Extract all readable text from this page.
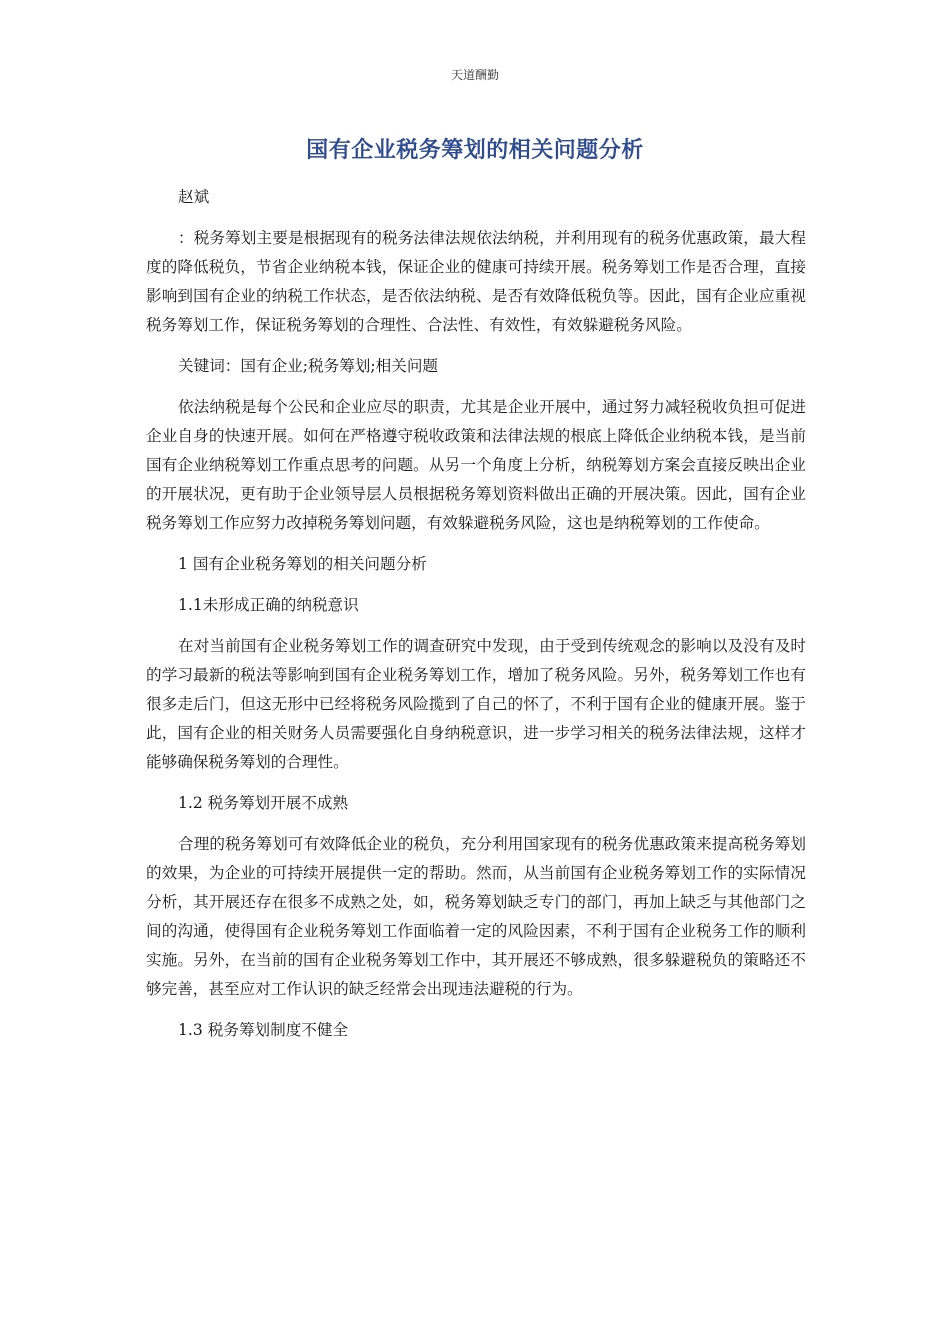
天道酬勤
国有企业税务筹划的相关问题分析

赵斌

：税务筹划主要是根据现有的税务法律法规依法纳税，并利用现有的税务优惠政策，最大程度的降低税负，节省企业纳税本钱，保证企业的健康可持续开展。税务筹划工作是否合理，直接影响到国有企业的纳税工作状态，是否依法纳税、是否有效降低税负等。因此，国有企业应重视税务筹划工作，保证税务筹划的合理性、合法性、有效性，有效躲避税务风险。

关键词：国有企业;税务筹划;相关问题

依法纳税是每个公民和企业应尽的职责，尤其是企业开展中，通过努力减轻税收负担可促进企业自身的快速开展。如何在严格遵守税收政策和法律法规的根底上降低企业纳税本钱，是当前国有企业纳税筹划工作重点思考的问题。从另一个角度上分析，纳税筹划方案会直接反映出企业的开展状况，更有助于企业领导层人员根据税务筹划资料做出正确的开展决策。因此，国有企业税务筹划工作应努力改掉税务筹划问题，有效躲避税务风险，这也是纳税筹划的工作使命。

1 国有企业税务筹划的相关问题分析

1.1未形成正确的纳税意识

在对当前国有企业税务筹划工作的调查研究中发现，由于受到传统观念的影响以及没有及时的学习最新的税法等影响到国有企业税务筹划工作，增加了税务风险。另外，税务筹划工作也有很多走后门，但这无形中已经将税务风险揽到了自己的怀了，不利于国有企业的健康开展。鉴于此，国有企业的相关财务人员需要强化自身纳税意识，进一步学习相关的税务法律法规，这样才能够确保税务筹划的合理性。

1.2 税务筹划开展不成熟

合理的税务筹划可有效降低企业的税负，充分利用国家现有的税务优惠政策来提高税务筹划的效果，为企业的可持续开展提供一定的帮助。然而，从当前国有企业税务筹划工作的实际情况分析，其开展还存在很多不成熟之处，如，税务筹划缺乏专门的部门，再加上缺乏与其他部门之间的沟通，使得国有企业税务筹划工作面临着一定的风险因素，不利于国有企业税务工作的顺利实施。另外，在当前的国有企业税务筹划工作中，其开展还不够成熟，很多躲避税负的策略还不够完善，甚至应对工作认识的缺乏经常会出现违法避税的行为。

1.3 税务筹划制度不健全
